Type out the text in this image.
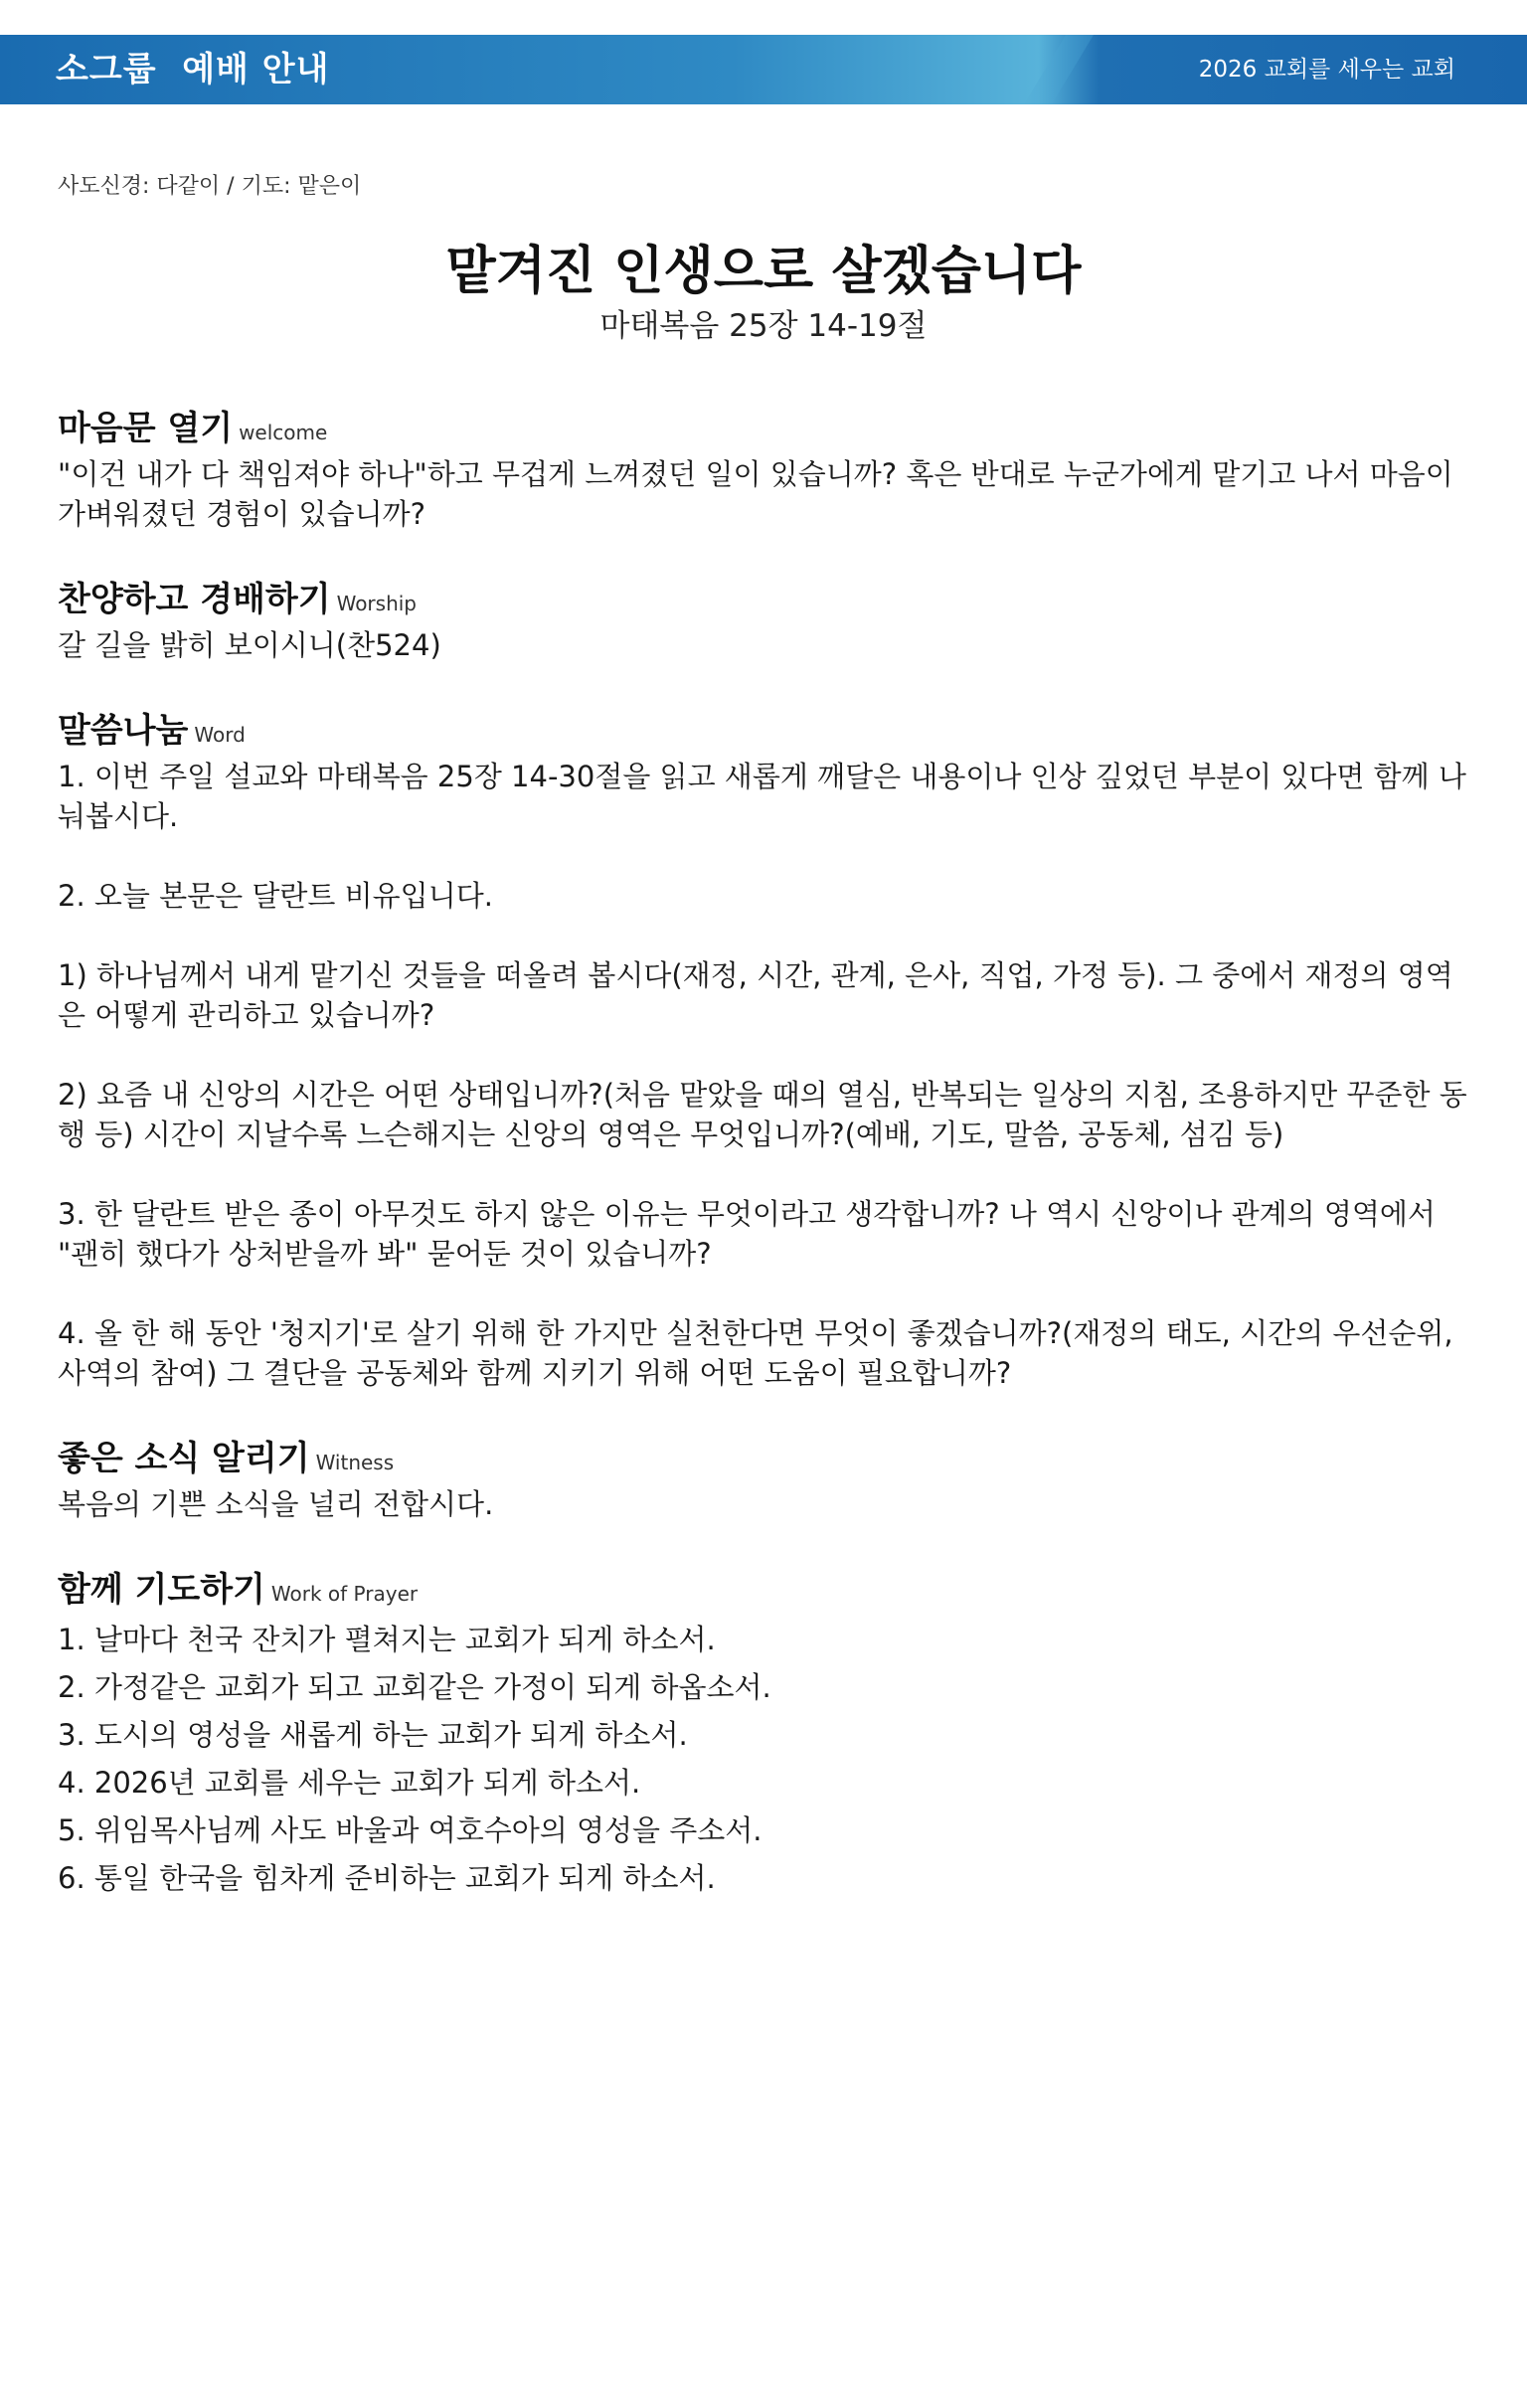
소그룹  예배 안내	2026 교회를 세우는 교회
사도신경: 다같이 / 기도: 맡은이
맡겨진 인생으로 살겠습니다
마태복음 25장 14-19절
마음문 열기 welcome

"이건 내가 다 책임져야 하나"하고 무겁게 느껴졌던 일이 있습니까? 혹은 반대로 누군가에게 맡기고 나서 마음이 가벼워졌던 경험이 있습니까?

찬양하고 경배하기 Worship

갈 길을 밝히 보이시니(찬524)

말씀나눔 Word

1. 이번 주일 설교와 마태복음 25장 14-30절을 읽고 새롭게 깨달은 내용이나 인상 깊었던 부분이 있다면 함께 나눠봅시다.

2. 오늘 본문은 달란트 비유입니다.

1) 하나님께서 내게 맡기신 것들을 떠올려 봅시다(재정, 시간, 관계, 은사, 직업, 가정 등). 그 중에서 재정의 영역은 어떻게 관리하고 있습니까?

2) 요즘 내 신앙의 시간은 어떤 상태입니까?(처음 맡았을 때의 열심, 반복되는 일상의 지침, 조용하지만 꾸준한 동행 등) 시간이 지날수록 느슨해지는 신앙의 영역은 무엇입니까?(예배, 기도, 말씀, 공동체, 섬김 등)

3. 한 달란트 받은 종이 아무것도 하지 않은 이유는 무엇이라고 생각합니까? 나 역시 신앙이나 관계의 영역에서 "괜히 했다가 상처받을까 봐" 묻어둔 것이 있습니까?

4. 올 한 해 동안 '청지기'로 살기 위해 한 가지만 실천한다면 무엇이 좋겠습니까?(재정의 태도, 시간의 우선순위, 사역의 참여) 그 결단을 공동체와 함께 지키기 위해 어떤 도움이 필요합니까?

좋은 소식 알리기 Witness

복음의 기쁜 소식을 널리 전합시다.

함께 기도하기 Work of Prayer

1. 날마다 천국 잔치가 펼쳐지는 교회가 되게 하소서.

2. 가정같은 교회가 되고 교회같은 가정이 되게 하옵소서.

3. 도시의 영성을 새롭게 하는 교회가 되게 하소서.

4. 2026년 교회를 세우는 교회가 되게 하소서.

5. 위임목사님께 사도 바울과 여호수아의 영성을 주소서.

6. 통일 한국을 힘차게 준비하는 교회가 되게 하소서.
